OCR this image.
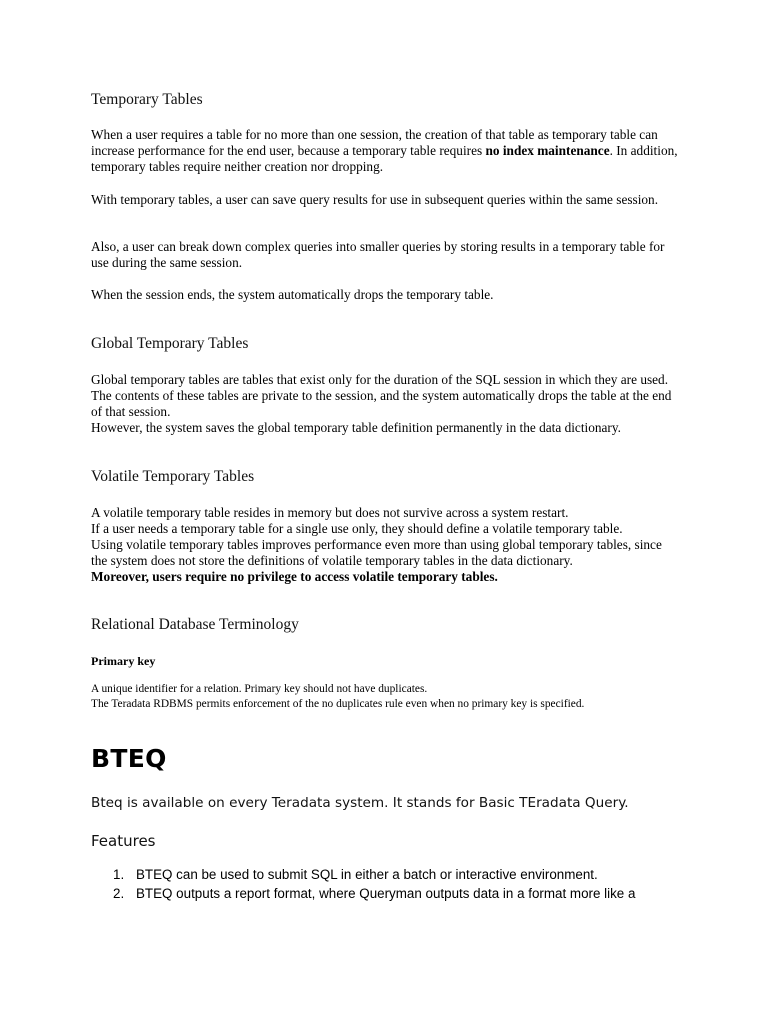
Temporary Tables

When a user requires a table for no more than one session, the creation of that table as temporary table can increase performance for the end user, because a temporary table requires no index maintenance. In addition, temporary tables require neither creation nor dropping.

With temporary tables, a user can save query results for use in subsequent queries within the same session.

Also, a user can break down complex queries into smaller queries by storing results in a temporary table for use during the same session.

When the session ends, the system automatically drops the temporary table.

Global Temporary Tables

Global temporary tables are tables that exist only for the duration of the SQL session in which they are used.

The contents of these tables are private to the session, and the system automatically drops the table at the end of that session.

However, the system saves the global temporary table definition permanently in the data dictionary.

Volatile Temporary Tables

A volatile temporary table resides in memory but does not survive across a system restart.

If a user needs a temporary table for a single use only, they should define a volatile temporary table.

Using volatile temporary tables improves performance even more than using global temporary tables, since the system does not store the definitions of volatile temporary tables in the data dictionary.

Moreover, users require no privilege to access volatile temporary tables.

Relational Database Terminology
Primary key

A unique identifier for a relation. Primary key should not have duplicates.

The Teradata RDBMS permits enforcement of the no duplicates rule even when no primary key is specified.

BTEQ
Bteq is available on every Teradata system. It stands for Basic TEradata Query.
Features
1. BTEQ can be used to submit SQL in either a batch or interactive environment.
2. BTEQ outputs a report format, where Queryman outputs data in a format more like a
